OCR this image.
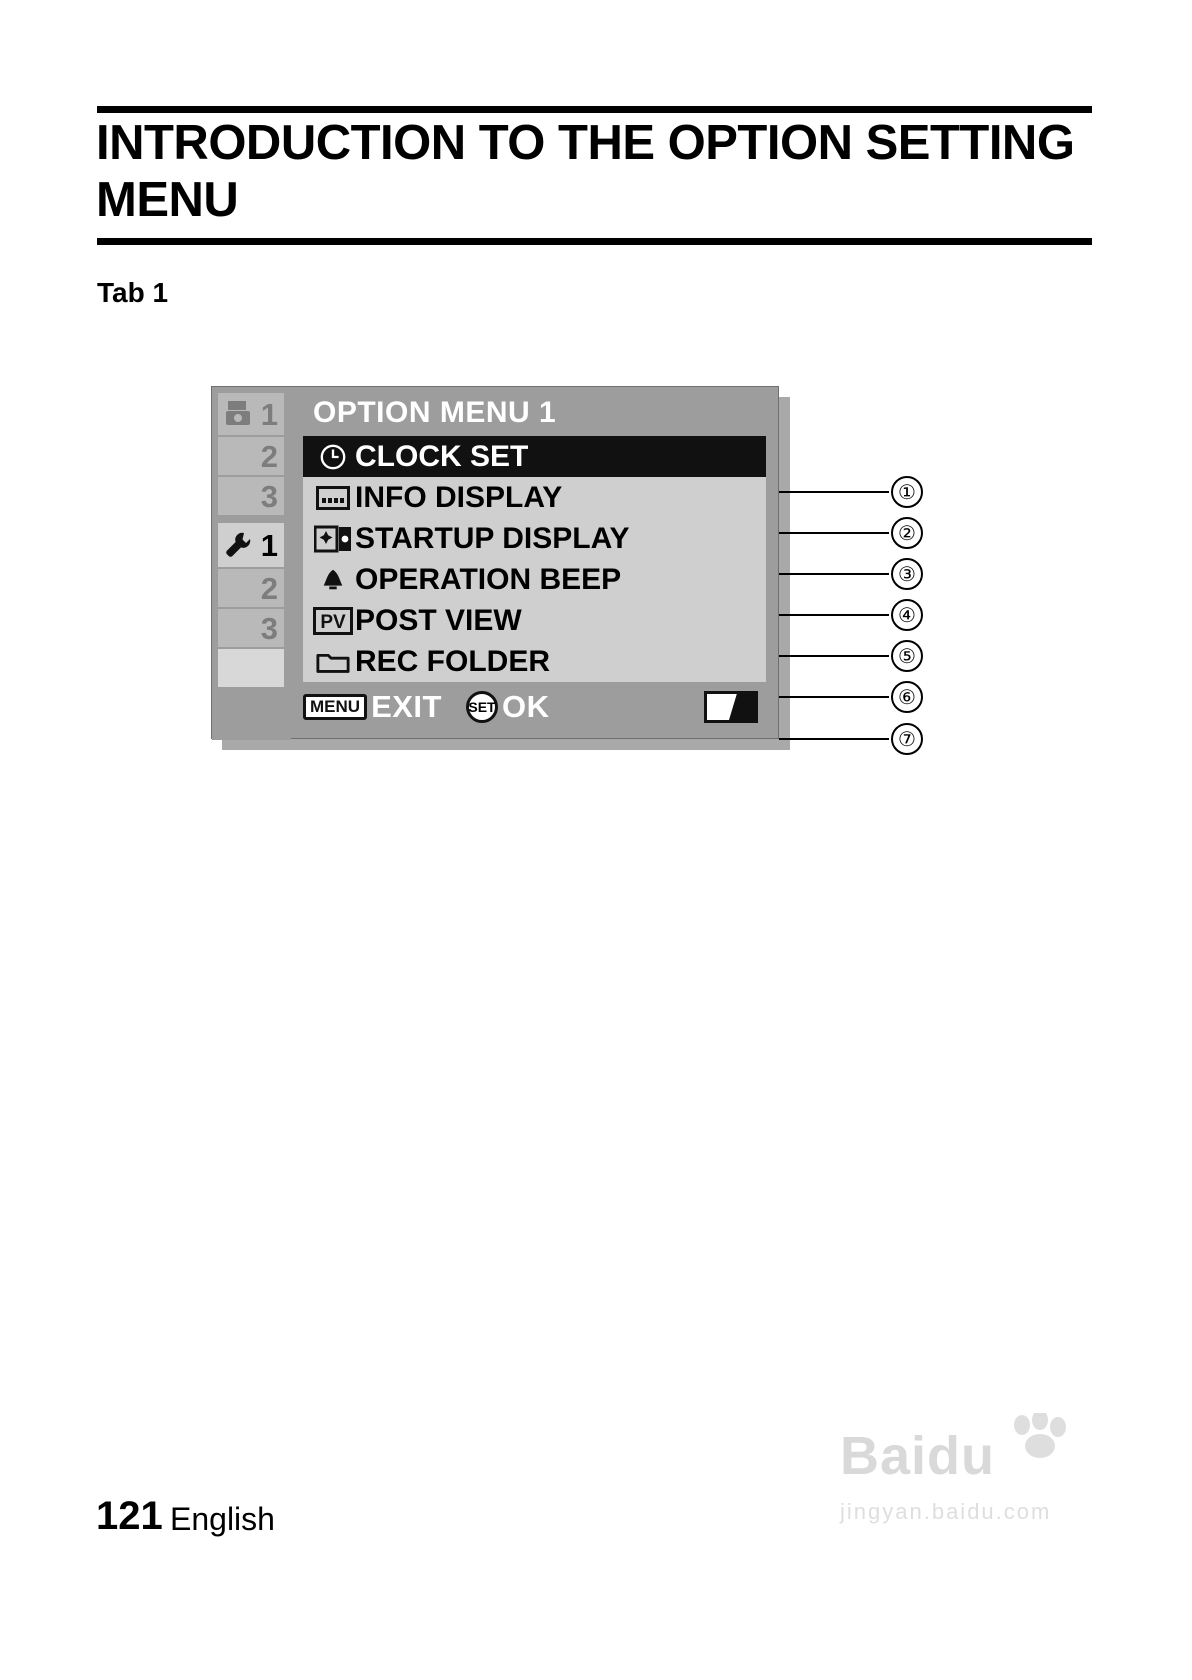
INTRODUCTION TO THE OPTION SETTING MENU
Tab 1
1
2
3
1
2
3
OPTION MENU 1
CLOCK SET
INFO DISPLAY
STARTUP DISPLAY
OPERATION BEEP
PV POST VIEW
REC FOLDER
MENU EXIT SET OK
①
②
③
④
⑤
⑥
⑦
121 English
Baidu
jingyan.baidu.com
